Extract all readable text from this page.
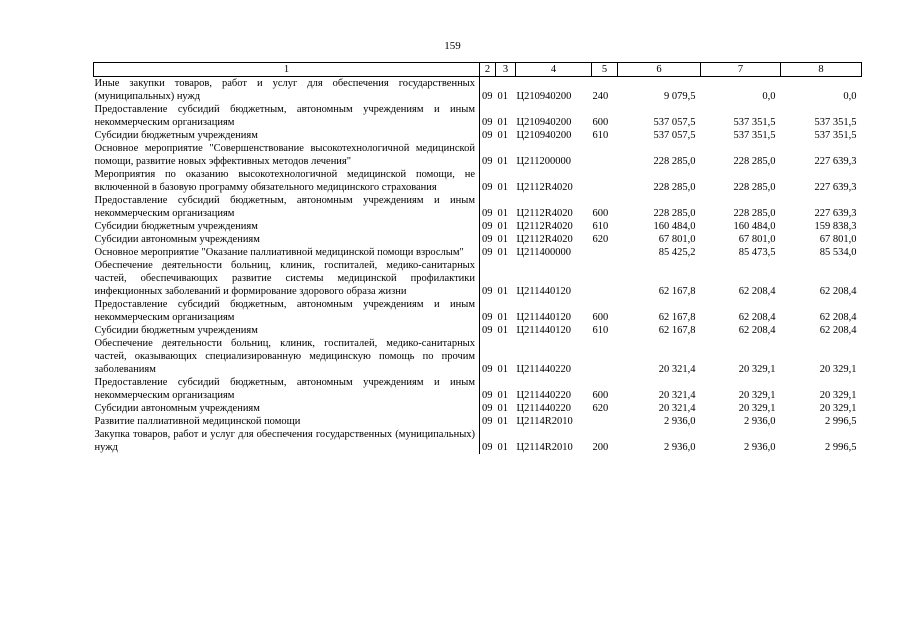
159
1	2	3	4	5	6	7	8
Иные закупки товаров, работ и услуг для обеспечения государственных (муниципальных) нужд	09	01	Ц210940200	240	9 079,5	0,0	0,0
Предоставление субсидий бюджетным, автономным учреждениям и иным некоммерческим организациям	09	01	Ц210940200	600	537 057,5	537 351,5	537 351,5
Субсидии бюджетным учреждениям	09	01	Ц210940200	610	537 057,5	537 351,5	537 351,5
Основное мероприятие "Совершенствование высокотехнологичной медицинской помощи, развитие новых эффективных методов лечения"	09	01	Ц211200000		228 285,0	228 285,0	227 639,3
Мероприятия по оказанию высокотехнологичной медицинской помощи, не включенной в базовую программу обязательного медицинского страхования	09	01	Ц2112R4020		228 285,0	228 285,0	227 639,3
Предоставление субсидий бюджетным, автономным учреждениям и иным некоммерческим организациям	09	01	Ц2112R4020	600	228 285,0	228 285,0	227 639,3
Субсидии бюджетным учреждениям	09	01	Ц2112R4020	610	160 484,0	160 484,0	159 838,3
Субсидии автономным учреждениям	09	01	Ц2112R4020	620	67 801,0	67 801,0	67 801,0
Основное мероприятие "Оказание паллиативной медицинской помощи взрослым"	09	01	Ц211400000		85 425,2	85 473,5	85 534,0
Обеспечение деятельности больниц, клиник, госпиталей, медико-санитарных частей, обеспечивающих развитие системы медицинской профилактики инфекционных заболеваний и формирование здорового образа жизни	09	01	Ц211440120		62 167,8	62 208,4	62 208,4
Предоставление субсидий бюджетным, автономным учреждениям и иным некоммерческим организациям	09	01	Ц211440120	600	62 167,8	62 208,4	62 208,4
Субсидии бюджетным учреждениям	09	01	Ц211440120	610	62 167,8	62 208,4	62 208,4
Обеспечение деятельности больниц, клиник, госпиталей, медико-санитарных частей, оказывающих специализированную медицинскую помощь по прочим заболеваниям	09	01	Ц211440220		20 321,4	20 329,1	20 329,1
Предоставление субсидий бюджетным, автономным учреждениям и иным некоммерческим организациям	09	01	Ц211440220	600	20 321,4	20 329,1	20 329,1
Субсидии автономным учреждениям	09	01	Ц211440220	620	20 321,4	20 329,1	20 329,1
Развитие паллиативной медицинской помощи	09	01	Ц2114R2010		2 936,0	2 936,0	2 996,5
Закупка товаров, работ и услуг для обеспечения государственных (муниципальных) нужд	09	01	Ц2114R2010	200	2 936,0	2 936,0	2 996,5
